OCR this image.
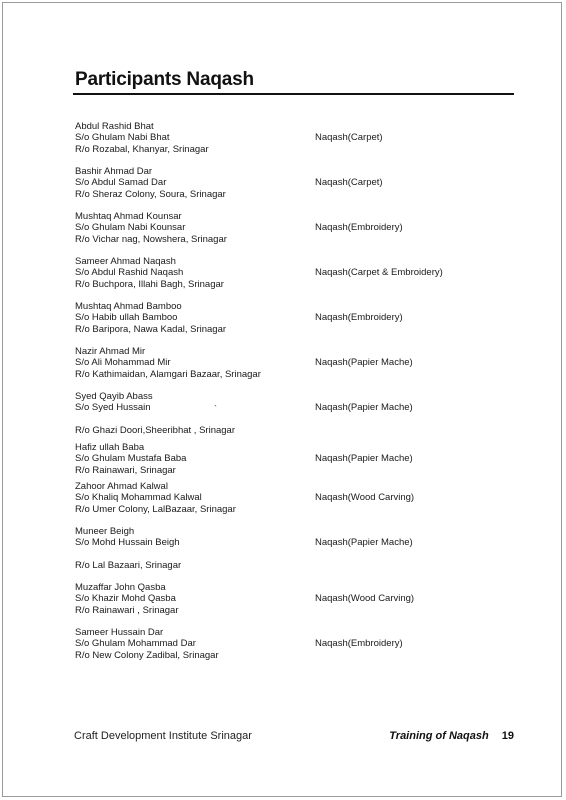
Participants Naqash
Abdul Rashid Bhat
S/o Ghulam Nabi Bhat
R/o Rozabal, Khanyar, Srinagar
Naqash(Carpet)
Bashir Ahmad Dar
S/o Abdul Samad Dar
R/o Sheraz Colony, Soura, Srinagar
Naqash(Carpet)
Mushtaq Ahmad Kounsar
S/o Ghulam Nabi Kounsar
R/o Vichar nag, Nowshera, Srinagar
Naqash(Embroidery)
Sameer Ahmad Naqash
S/o Abdul Rashid Naqash
R/o Buchpora, Illahi Bagh, Srinagar
Naqash(Carpet & Embroidery)
Mushtaq Ahmad Bamboo
S/o Habib ullah Bamboo
R/o Baripora, Nawa Kadal, Srinagar
Naqash(Embroidery)
Nazir Ahmad Mir
S/o Ali Mohammad Mir
R/o Kathimaidan, Alamgari Bazaar, Srinagar
Naqash(Papier Mache)
Syed Qayib Abass
S/o Syed Hussain

R/o Ghazi Doori,Sheeribhat , Srinagar
Naqash(Papier Mache)
Hafiz ullah Baba
S/o Ghulam Mustafa Baba
R/o Rainawari, Srinagar
Naqash(Papier Mache)
Zahoor Ahmad Kalwal
S/o Khaliq Mohammad Kalwal
R/o Umer Colony, LalBazaar, Srinagar
Naqash(Wood Carving)
Muneer Beigh
S/o Mohd Hussain Beigh

R/o Lal Bazaari, Srinagar
Naqash(Papier Mache)
Muzaffar John Qasba
S/o Khazir Mohd Qasba
R/o Rainawari , Srinagar
Naqash(Wood Carving)
Sameer Hussain Dar
S/o Ghulam Mohammad Dar
R/o New Colony Zadibal, Srinagar
Naqash(Embroidery)
`
Craft Development Institute Srinagar	Training of Naqash 19
